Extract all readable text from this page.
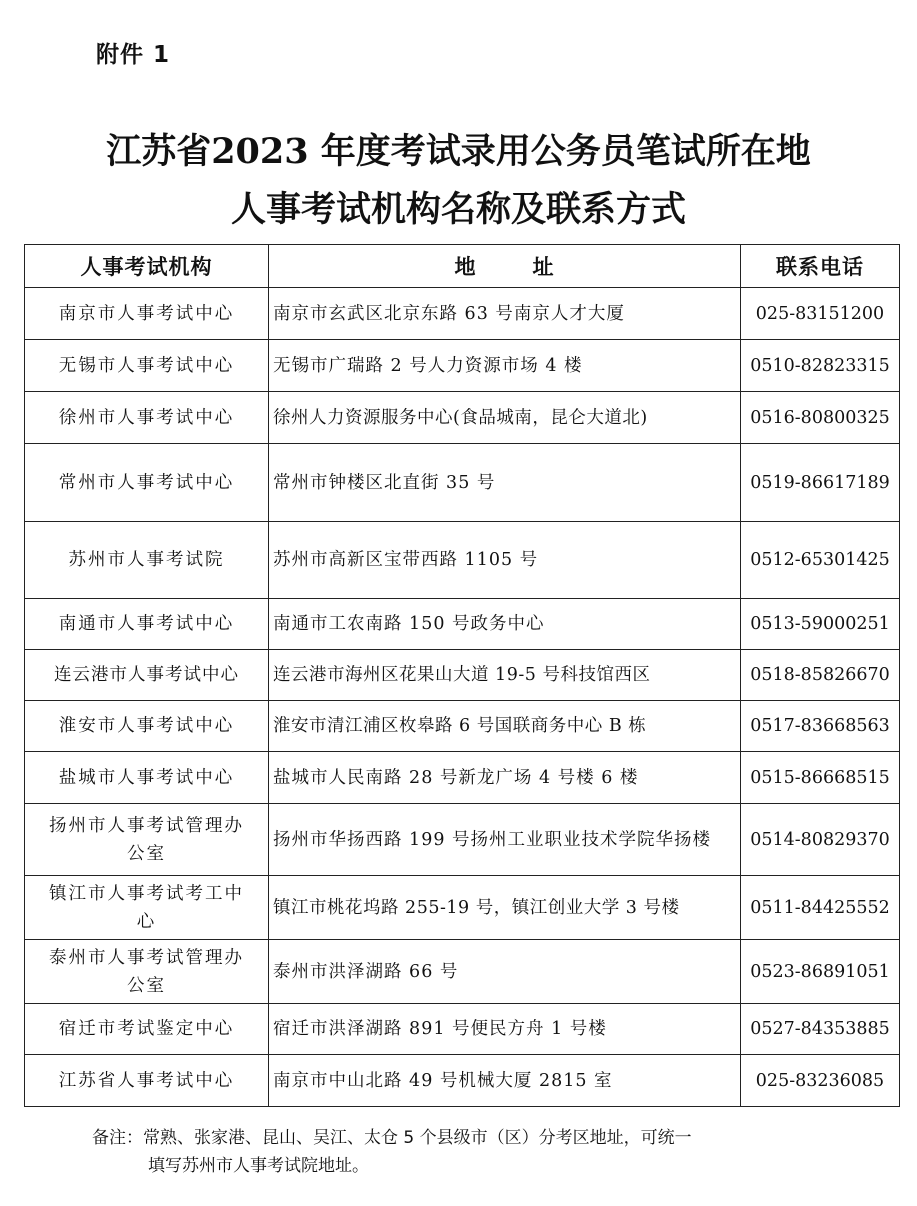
附件 1
江苏省2023 年度考试录用公务员笔试所在地
人事考试机构名称及联系方式
人事考试机构	地 址	联系电话
南京市人事考试中心	南京市玄武区北京东路 63 号南京人才大厦	025-83151200
无锡市人事考试中心	无锡市广瑞路 2 号人力资源市场 4 楼	0510-82823315
徐州市人事考试中心	徐州人力资源服务中心(食品城南，昆仑大道北)	0516-80800325
常州市人事考试中心	常州市钟楼区北直街 35 号	0519-86617189
苏州市人事考试院	苏州市高新区宝带西路 1105 号	0512-65301425
南通市人事考试中心	南通市工农南路 150 号政务中心	0513-59000251
连云港市人事考试中心	连云港市海州区花果山大道 19-5 号科技馆西区	0518-85826670
淮安市人事考试中心	淮安市清江浦区枚皋路 6 号国联商务中心 B 栋	0517-83668563
盐城市人事考试中心	盐城市人民南路 28 号新龙广场 4 号楼 6 楼	0515-86668515
扬州市人事考试管理办公室	扬州市华扬西路 199 号扬州工业职业技术学院华扬楼	0514-80829370
镇江市人事考试考工中心	镇江市桃花坞路 255-19 号，镇江创业大学 3 号楼	0511-84425552
泰州市人事考试管理办公室	泰州市洪泽湖路 66 号	0523-86891051
宿迁市考试鉴定中心	宿迁市洪泽湖路 891 号便民方舟 1 号楼	0527-84353885
江苏省人事考试中心	南京市中山北路 49 号机械大厦 2815 室	025-83236085
备注：常熟、张家港、昆山、吴江、太仓 5 个县级市（区）分考区地址，可统一
填写苏州市人事考试院地址。
